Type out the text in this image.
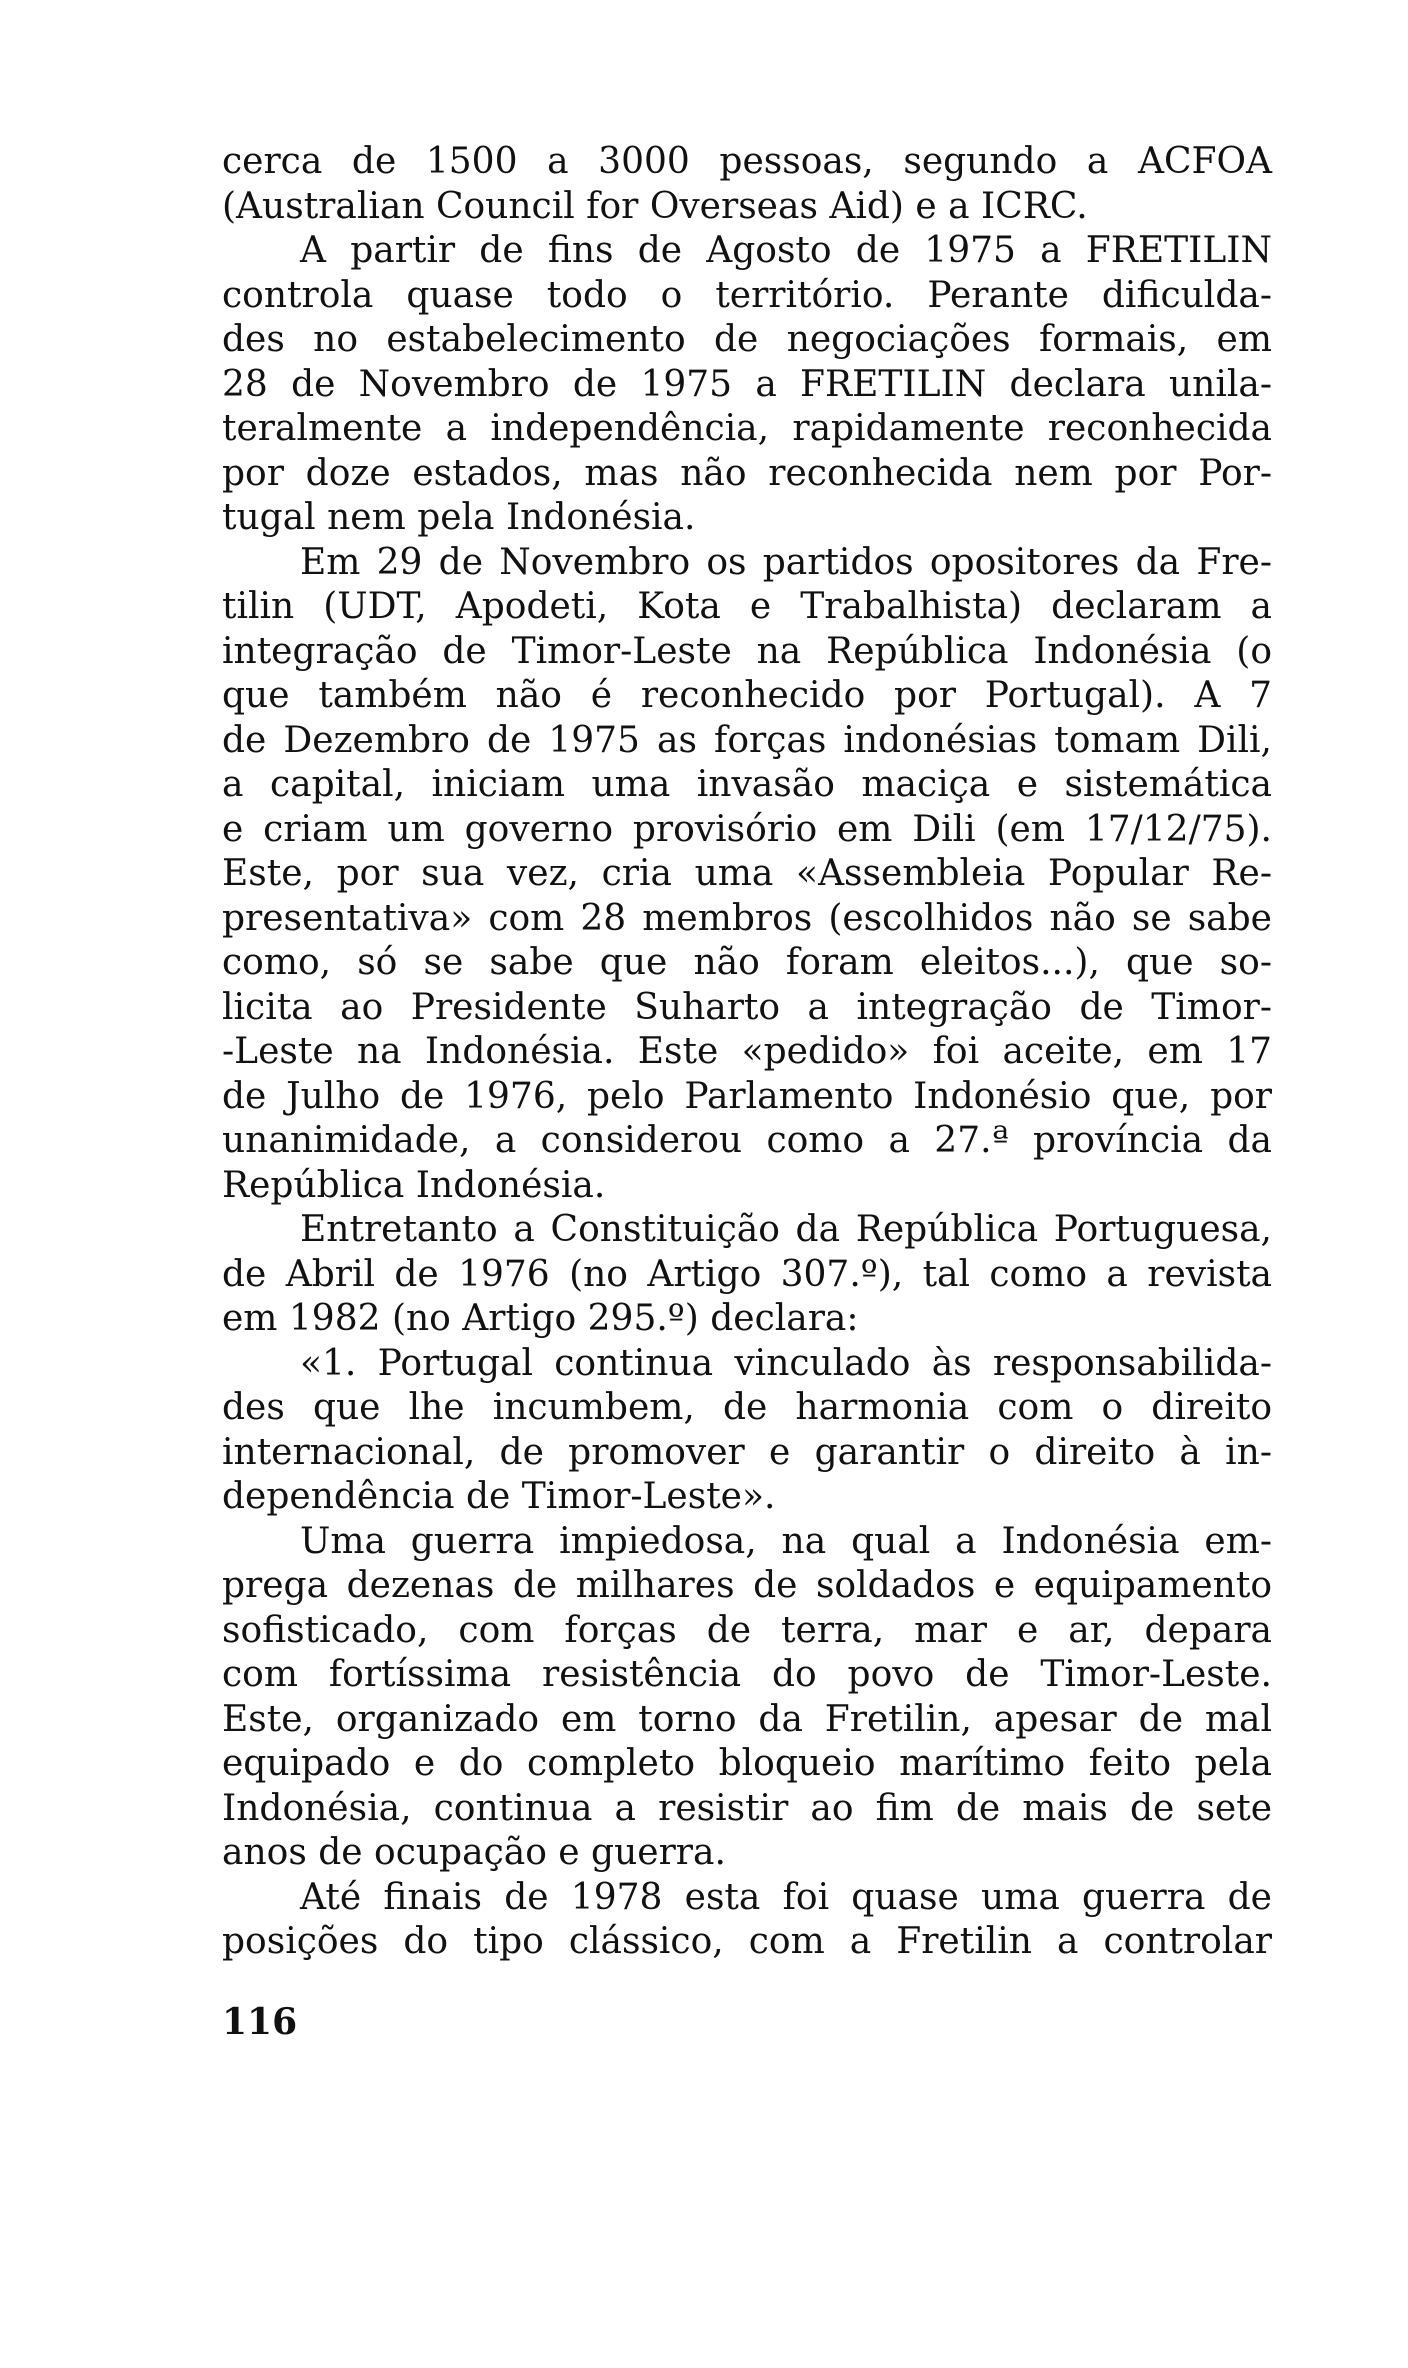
cerca de 1500 a 3000 pessoas, segundo a ACFOA
(Australian Council for Overseas Aid) e a ICRC.
A partir de fins de Agosto de 1975 a FRETILIN
controla quase todo o território. Perante dificulda-
des no estabelecimento de negociações formais, em
28 de Novembro de 1975 a FRETILIN declara unila-
teralmente a independência, rapidamente reconhecida
por doze estados, mas não reconhecida nem por Por-
tugal nem pela Indonésia.
Em 29 de Novembro os partidos opositores da Fre-
tilin (UDT, Apodeti, Kota e Trabalhista) declaram a
integração de Timor-Leste na República Indonésia (o
que também não é reconhecido por Portugal). A 7
de Dezembro de 1975 as forças indonésias tomam Dili,
a capital, iniciam uma invasão maciça e sistemática
e criam um governo provisório em Dili (em 17/12/75).
Este, por sua vez, cria uma «Assembleia Popular Re-
presentativa» com 28 membros (escolhidos não se sabe
como, só se sabe que não foram eleitos...), que so-
licita ao Presidente Suharto a integração de Timor-
-Leste na Indonésia. Este «pedido» foi aceite, em 17
de Julho de 1976, pelo Parlamento Indonésio que, por
unanimidade, a considerou como a 27.ª província da
República Indonésia.
Entretanto a Constituição da República Portuguesa,
de Abril de 1976 (no Artigo 307.º), tal como a revista
em 1982 (no Artigo 295.º) declara:
«1. Portugal continua vinculado às responsabilida-
des que lhe incumbem, de harmonia com o direito
internacional, de promover e garantir o direito à in-
dependência de Timor-Leste».
Uma guerra impiedosa, na qual a Indonésia em-
prega dezenas de milhares de soldados e equipamento
sofisticado, com forças de terra, mar e ar, depara
com fortíssima resistência do povo de Timor-Leste.
Este, organizado em torno da Fretilin, apesar de mal
equipado e do completo bloqueio marítimo feito pela
Indonésia, continua a resistir ao fim de mais de sete
anos de ocupação e guerra.
Até finais de 1978 esta foi quase uma guerra de
posições do tipo clássico, com a Fretilin a controlar
116
